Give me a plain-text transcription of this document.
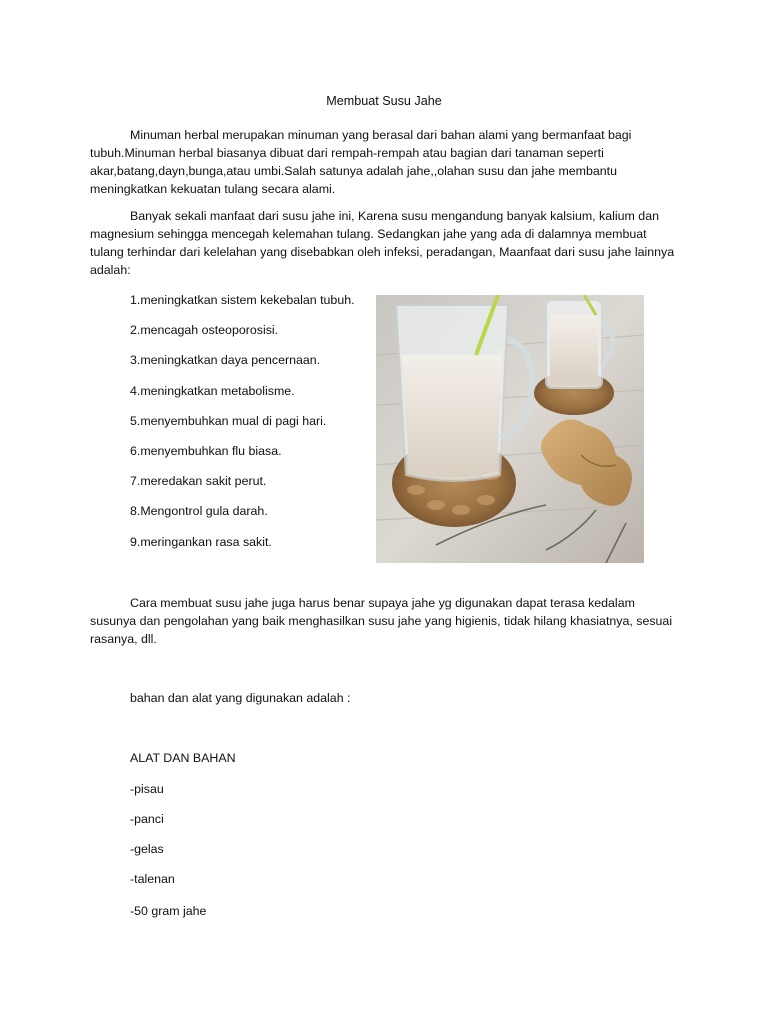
Membuat Susu Jahe

Minuman herbal merupakan minuman yang berasal dari bahan alami yang bermanfaat bagi tubuh.Minuman herbal biasanya dibuat dari rempah-rempah atau bagian dari tanaman seperti akar,batang,dayn,bunga,atau umbi.Salah satunya adalah jahe,,olahan susu dan jahe membantu meningkatkan kekuatan tulang secara alami.

Banyak sekali manfaat dari susu jahe ini, Karena susu mengandung banyak kalsium, kalium dan magnesium sehingga mencegah kelemahan tulang. Sedangkan jahe yang ada di dalamnya membuat tulang terhindar dari kelelahan yang disebabkan oleh infeksi, peradangan, Maanfaat dari susu jahe lainnya adalah:

1.meningkatkan sistem kekebalan tubuh.
2.mencagah osteoporosisi.
3.meningkatkan daya pencernaan.
4.meningkatkan metabolisme.
5.menyembuhkan mual di pagi hari.
6.menyembuhkan flu biasa.
7.meredakan sakit perut.
8.Mengontrol gula darah.
9.meringankan rasa sakit.

Cara membuat susu jahe juga harus benar supaya jahe yg digunakan dapat terasa kedalam susunya dan pengolahan yang baik menghasilkan susu jahe yang higienis, tidak hilang khasiatnya, sesuai rasanya, dll.

bahan dan alat yang digunakan adalah :

ALAT DAN BAHAN

-pisau

-panci

-gelas

-talenan

-50 gram jahe
